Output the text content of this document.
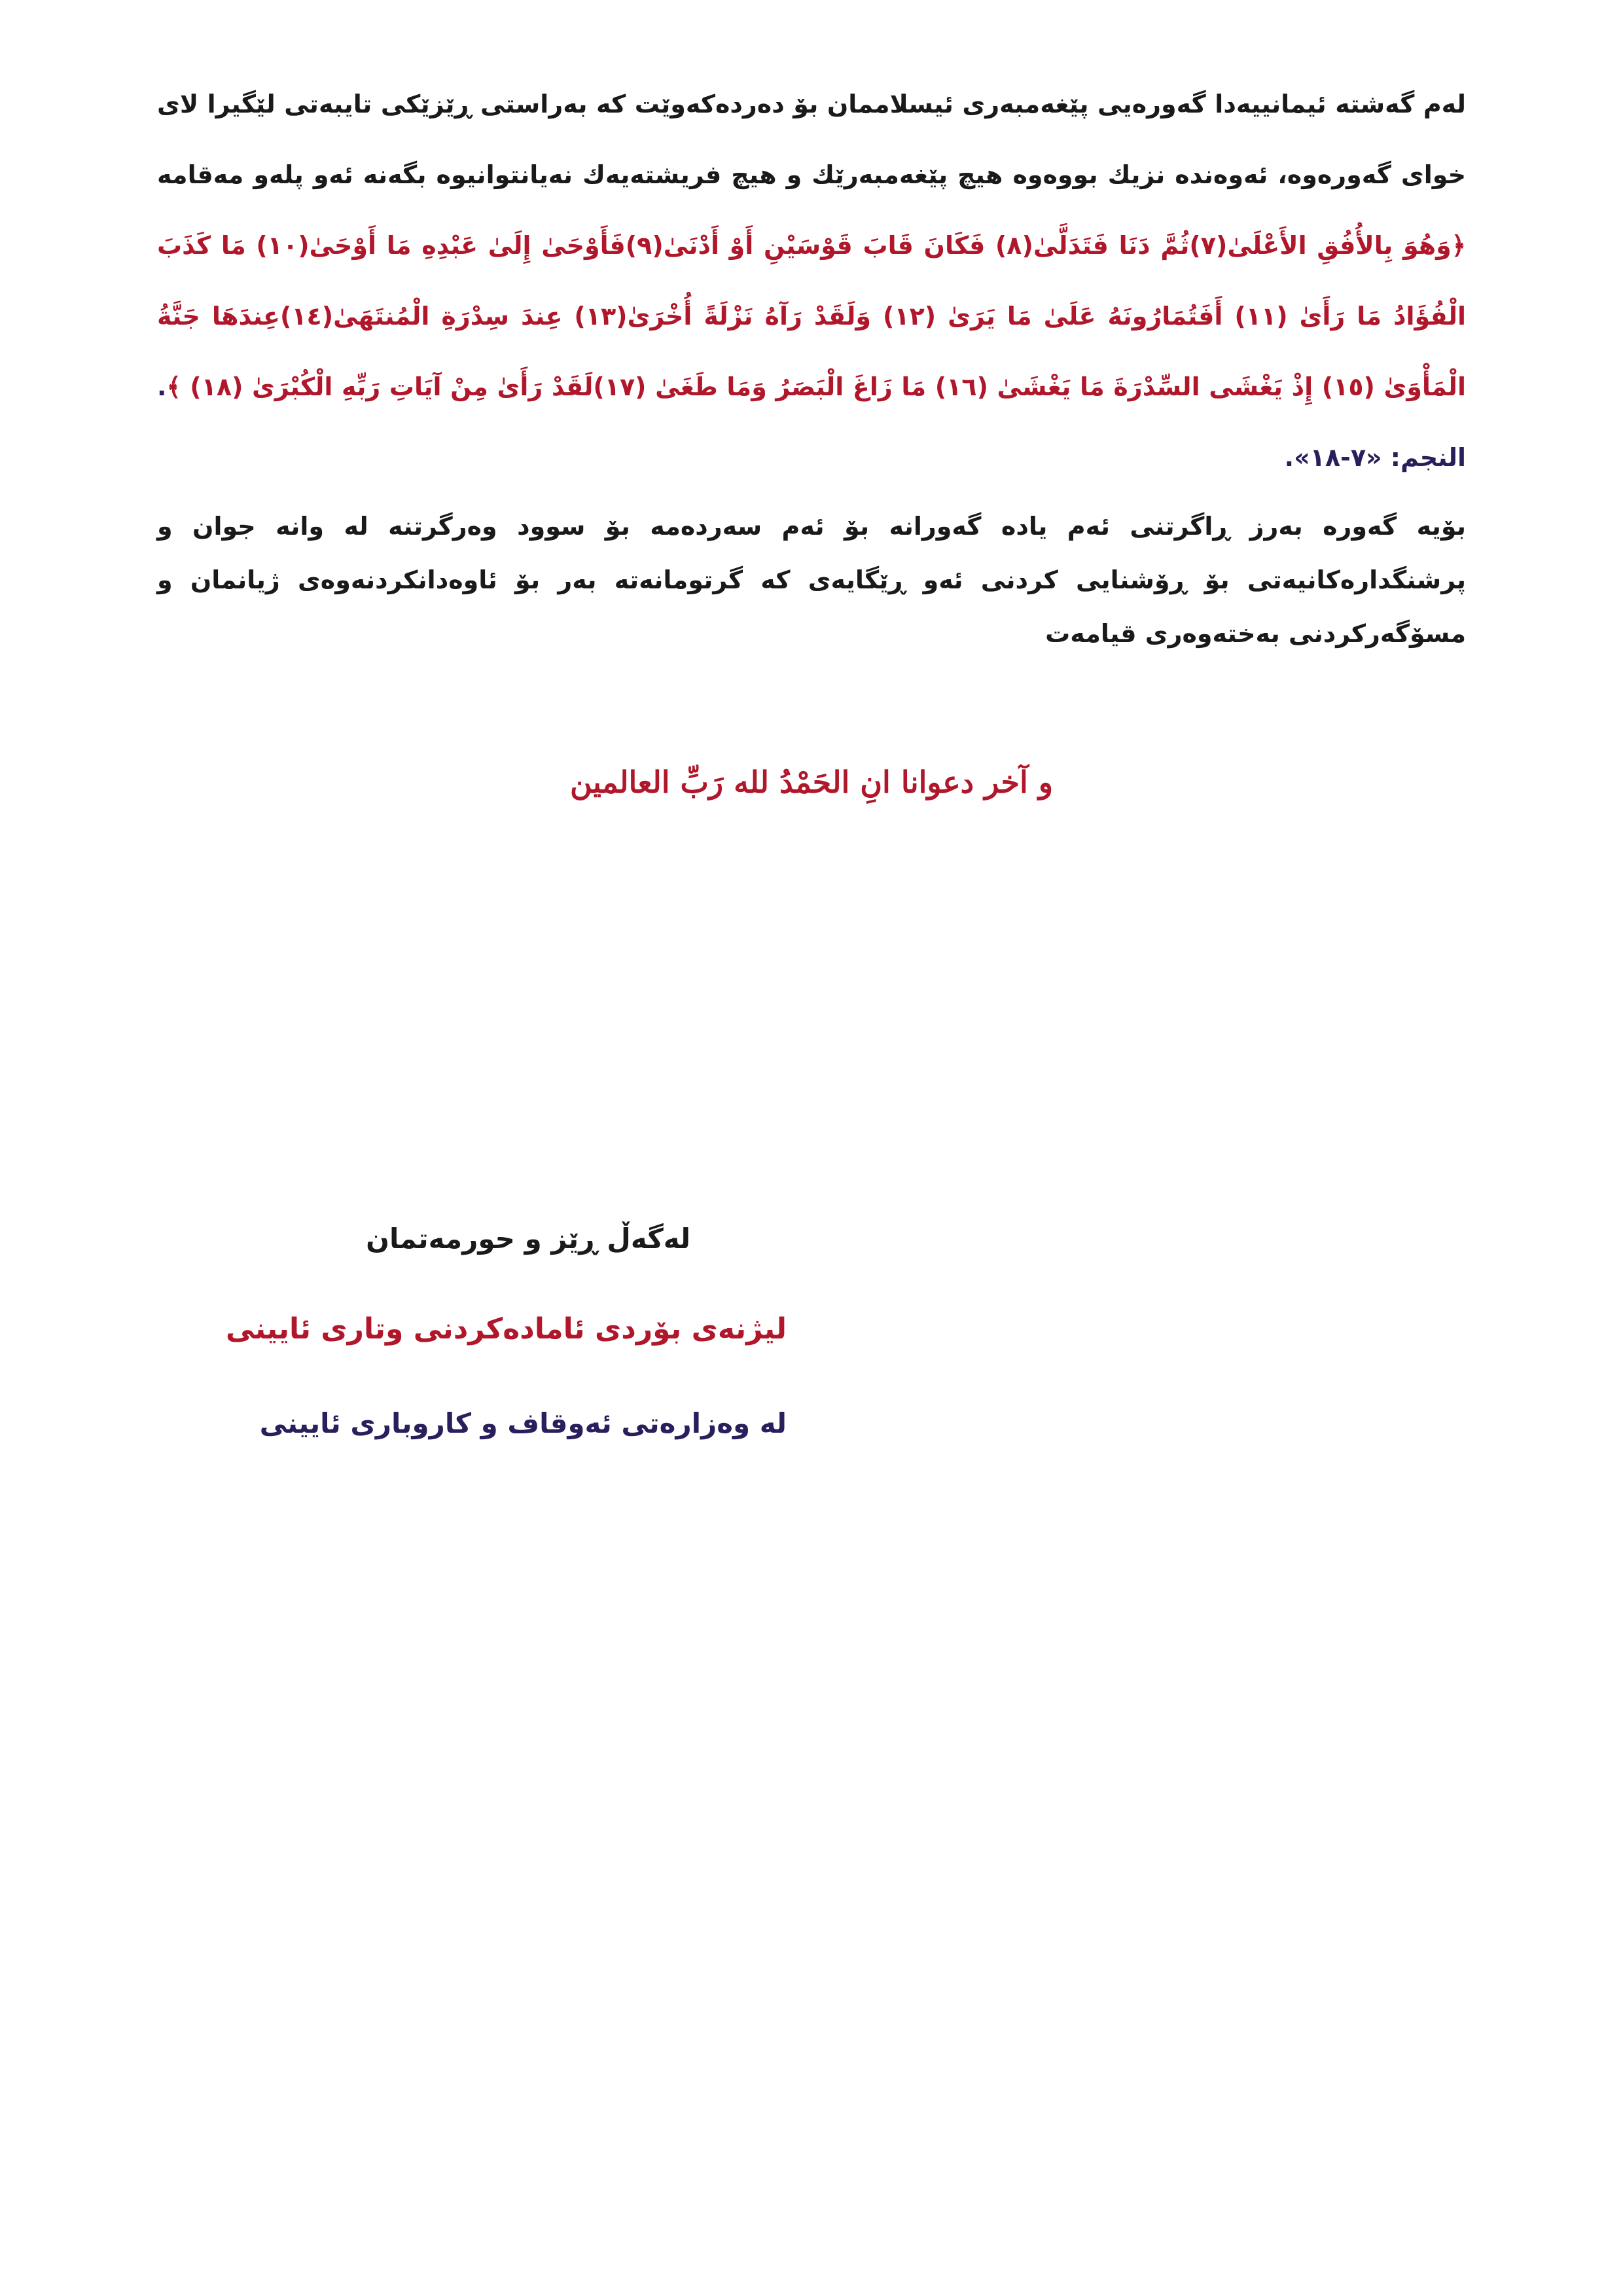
لەم گەشتە ئیمانییەدا گەورەیی پێغەمبەری ئیسلاممان بۆ دەردەکەوێت کە بەراستی ڕێزێکی تایبەتی لێگیرا لای خوای گەورەوە، ئەوەندە نزیك بووەوە هیچ پێغەمبەرێك و هیچ فریشتەیەك نەیانتوانیوە بگەنە ئەو پلەو مەقامە ﴿وَهُوَ بِالأُفُقِ الأَعْلَىٰ(٧)ثُمَّ دَنَا فَتَدَلَّىٰ(٨) فَكَانَ قَابَ قَوْسَيْنِ أَوْ أَدْنَىٰ(٩)فَأَوْحَىٰ إِلَىٰ عَبْدِهِ مَا أَوْحَىٰ(١٠) مَا كَذَبَ الْفُؤَادُ مَا رَأَىٰ (١١) أَفَتُمَارُونَهُ عَلَىٰ مَا يَرَىٰ (١٢) وَلَقَدْ رَآهُ نَزْلَةً أُخْرَىٰ(١٣) عِندَ سِدْرَةِ الْمُنتَهَىٰ(١٤)عِندَهَا جَنَّةُ الْمَأْوَىٰ (١٥) إِذْ يَغْشَى السِّدْرَةَ مَا يَغْشَىٰ (١٦) مَا زَاغَ الْبَصَرُ وَمَا طَغَىٰ (١٧)لَقَدْ رَأَىٰ مِنْ آيَاتِ رَبِّهِ الْكُبْرَىٰ (١٨) ﴾. النجم: «٧-١٨».

بۆیە گەورە بەرز ڕاگرتنی ئەم یادە گەورانە بۆ ئەم سەردەمە بۆ سوود وەرگرتنە لە وانە جوان و پرشنگدارەکانیەتی بۆ ڕۆشنایی کردنی ئەو ڕێگایەی کە گرتومانەتە بەر بۆ ئاوەدانکردنەوەی ژیانمان و مسۆگەرکردنی بەختەوەری قیامەت

و آخر دعوانا انِ الحَمْدُ لله رَبِّ العالمين
لەگەڵ ڕێز و حورمەتمان
لیژنەی بۆردی ئامادەکردنی وتاری ئایینی
لە وەزارەتی ئەوقاف و کاروباری ئایینی
